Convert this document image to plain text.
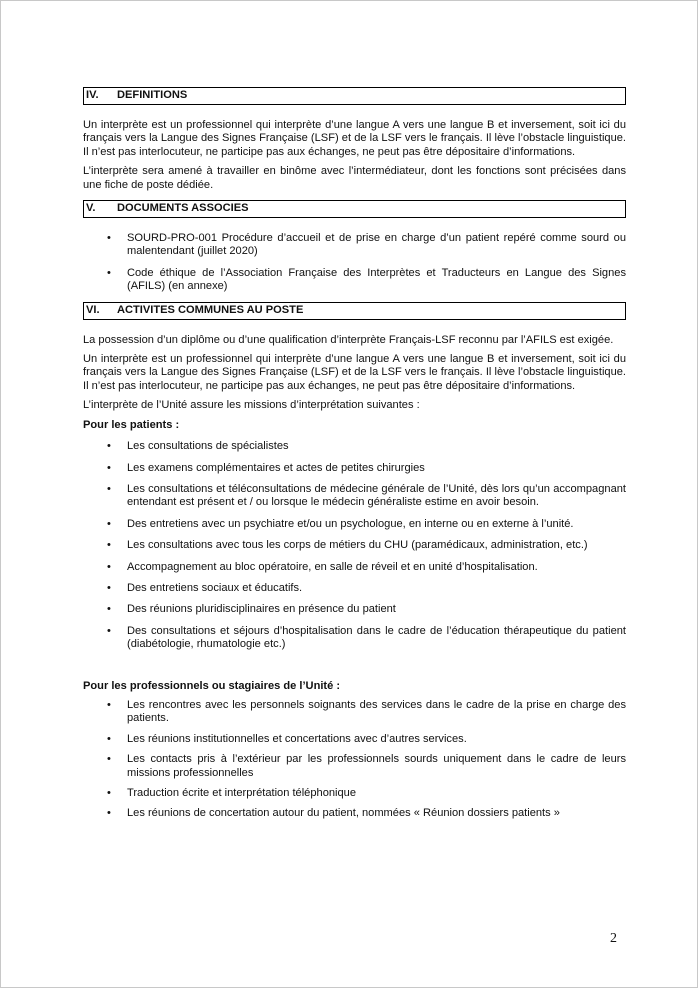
IV.	DEFINITIONS

Un interprète est un professionnel qui interprète d’une langue A vers une langue B et inversement, soit ici du français vers la Langue des Signes Française (LSF) et de la LSF vers le français. Il lève l’obstacle linguistique. Il n’est pas interlocuteur, ne participe pas aux échanges, ne peut pas être dépositaire d’informations.

L’interprète sera amené à travailler en binôme avec l’intermédiateur, dont les fonctions sont précisées dans une fiche de poste dédiée.

V.	DOCUMENTS ASSOCIES
• SOURD-PRO-001 Procédure d’accueil et de prise en charge d’un patient repéré comme sourd ou malentendant (juillet 2020)
• Code éthique de l’Association Française des Interprètes et Traducteurs en Langue des Signes (AFILS) (en annexe)
VI.	ACTIVITES COMMUNES AU POSTE

La possession d’un diplôme ou d’une qualification d’interprète Français-LSF reconnu par l’AFILS est exigée.

Un interprète est un professionnel qui interprète d’une langue A vers une langue B et inversement, soit ici du français vers la Langue des Signes Française (LSF) et de la LSF vers le français. Il lève l’obstacle linguistique. Il n’est pas interlocuteur, ne participe pas aux échanges, ne peut pas être dépositaire d’informations.

L’interprète de l’Unité assure les missions d’interprétation suivantes :

Pour les patients :

• Les consultations de spécialistes
• Les examens complémentaires et actes de petites chirurgies
• Les consultations et téléconsultations de médecine générale de l’Unité, dès lors qu’un accompagnant entendant est présent et / ou lorsque le médecin généraliste estime en avoir besoin.
• Des entretiens avec un psychiatre et/ou un psychologue, en interne ou en externe à l’unité.
• Les consultations avec tous les corps de métiers du CHU (paramédicaux, administration, etc.)
• Accompagnement au bloc opératoire, en salle de réveil et en unité d’hospitalisation.
• Des entretiens sociaux et éducatifs.
• Des réunions pluridisciplinaires en présence du patient
• Des consultations et séjours d’hospitalisation dans le cadre de l’éducation thérapeutique du patient (diabétologie, rhumatologie etc.)

Pour les professionnels ou stagiaires de l’Unité :

• Les rencontres avec les personnels soignants des services dans le cadre de la prise en charge des patients.
• Les réunions institutionnelles et concertations avec d’autres services.
• Les contacts pris à l’extérieur par les professionnels sourds uniquement dans le cadre de leurs missions professionnelles
• Traduction écrite et interprétation téléphonique
• Les réunions de concertation autour du patient, nommées « Réunion dossiers patients »
2
